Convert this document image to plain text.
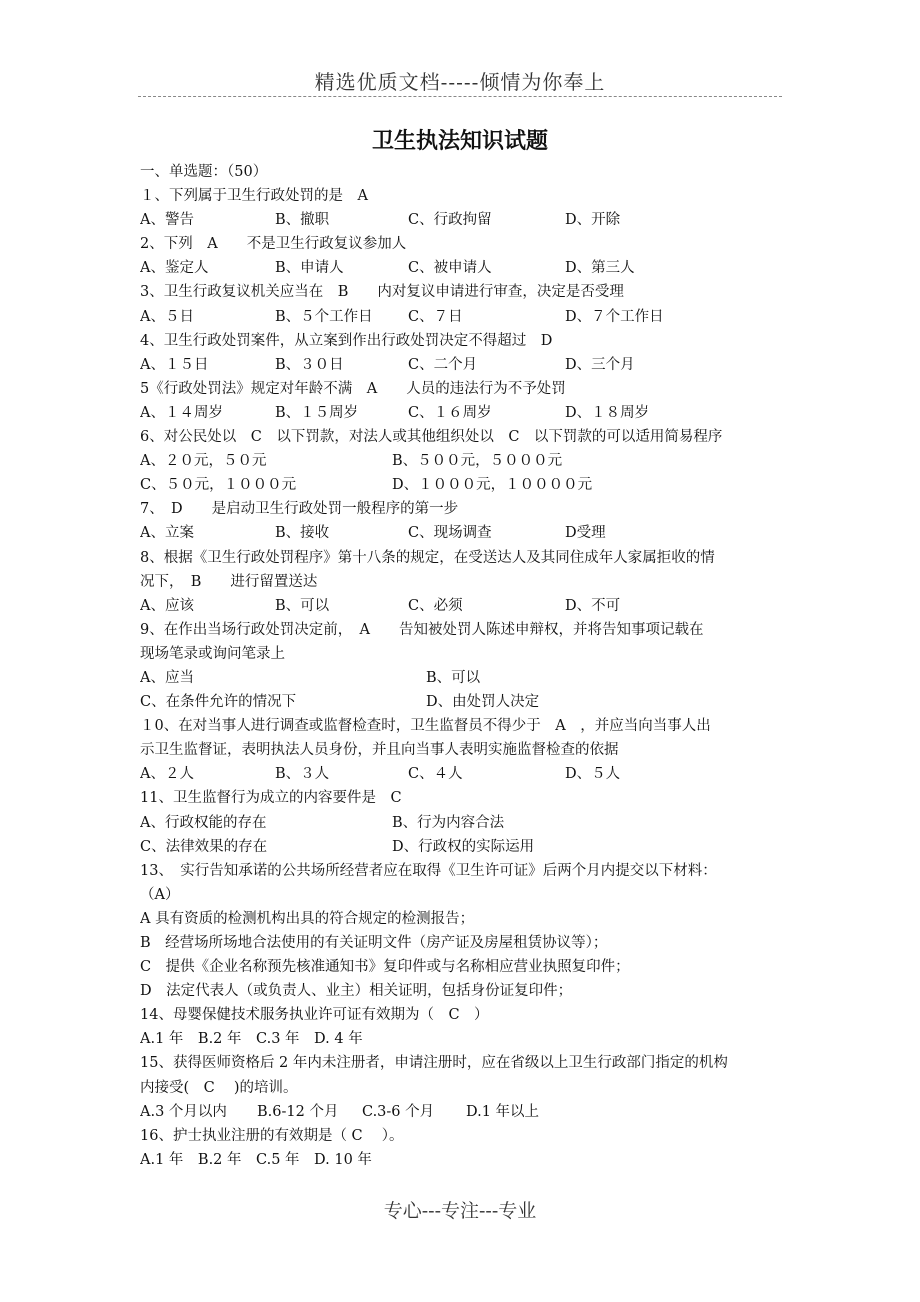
精选优质文档-----倾情为你奉上
卫生执法知识试题
一、单选题：（50）
１、下列属于卫生行政处罚的是　A
A、警告	B、撤职	C、行政拘留	D、开除
2、下列　A　　不是卫生行政复议参加人
A、鉴定人	B、申请人	C、被申请人	D、第三人
3、卫生行政复议机关应当在　B　　内对复议申请进行审查，决定是否受理
A、５日	B、５个工作日 C、７日	D、７个工作日
4、卫生行政处罚案件，从立案到作出行政处罚决定不得超过　D
A、１５日	B、３０日	C、二个月	D、三个月
5《行政处罚法》规定对年龄不满　A　　人员的违法行为不予处罚
A、１４周岁	B、１５周岁	C、１６周岁	D、１８周岁
6、对公民处以　C　以下罚款，对法人或其他组织处以　C　以下罚款的可以适用简易程序
A、２０元，５０元	B、５００元，５０００元
C、５０元，１０００元	D、１０００元，１００００元
7、　D　　是启动卫生行政处罚一般程序的第一步
A、立案	B、接收	C、现场调查	D受理
8、根据《卫生行政处罚程序》第十八条的规定，在受送达人及其同住成年人家属拒收的情
况下，　B　　进行留置送达
A、应该	B、可以	C、必须	D、不可
9、在作出当场行政处罚决定前，　A　　告知被处罚人陈述申辩权，并将告知事项记载在
现场笔录或询问笔录上
A、应当	B、可以
C、在条件允许的情况下	D、由处罚人决定
１0、在对当事人进行调查或监督检查时，卫生监督员不得少于　A　，并应当向当事人出
示卫生监督证，表明执法人员身份，并且向当事人表明实施监督检查的依据
A、２人	B、３人	C、４人	D、５人
11、卫生监督行为成立的内容要件是　C
A、行政权能的存在	B、行为内容合法
C、法律效果的存在	D、行政权的实际运用
13、　实行告知承诺的公共场所经营者应在取得《卫生许可证》后两个月内提交以下材料：
（A）
A 具有资质的检测机构出具的符合规定的检测报告；
B　经营场所场地合法使用的有关证明文件（房产证及房屋租赁协议等）；
C　提供《企业名称预先核准通知书》复印件或与名称相应营业执照复印件；
D　法定代表人（或负责人、业主）相关证明，包括身份证复印件；
14、母婴保健技术服务执业许可证有效期为（　C　）
A.1 年　B.2 年　C.3 年　D. 4 年
15、获得医师资格后 2 年内未注册者，申请注册时，应在省级以上卫生行政部门指定的机构
内接受(　C　 )的培训。
A.3 个月以内 B.6-12 个月 C.3-6 个月 D.1 年以上
16、护士执业注册的有效期是（ C　 ）。
A.1 年　B.2 年　C.5 年　D. 10 年
专心---专注---专业
